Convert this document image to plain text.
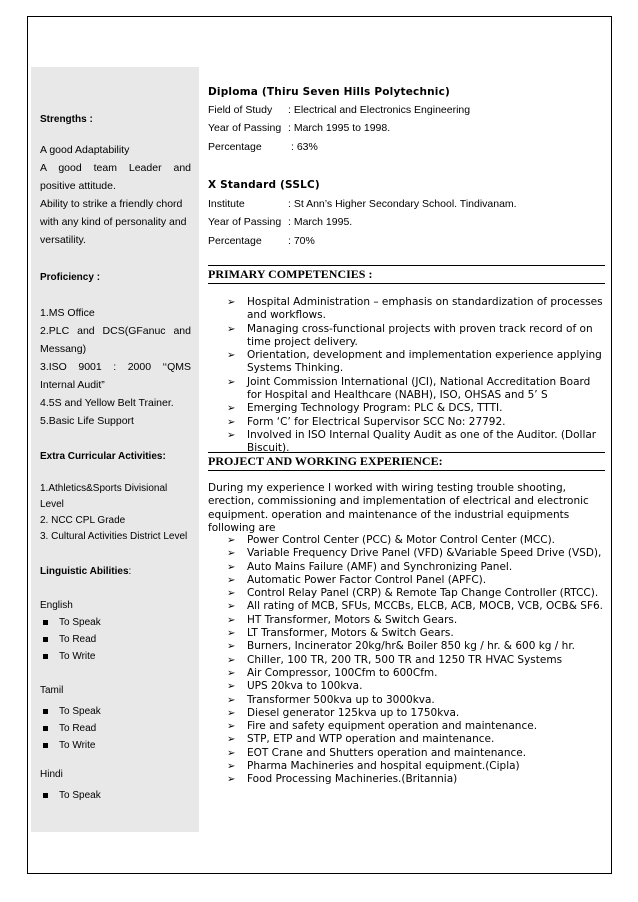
Strengths :
A good Adaptability
A good team Leader and positive attitude.
Ability to strike a friendly chord with any kind of personality and versatility.
Proficiency :
1.MS Office
2.PLC and DCS(GFanuc and Messang)
3.ISO 9001 : 2000 ‘‘QMS Internal Audit”
4.5S and Yellow Belt Trainer.
5.Basic Life Support
Extra Curricular Activities:
1.Athletics&Sports Divisional Level
2. NCC CPL Grade
3. Cultural Activities District Level
Linguistic Abilities:
English
To Speak
To Read
To Write
Tamil
To Speak
To Read
To Write
Hindi
To Speak
Diploma (Thiru Seven Hills Polytechnic)
Field of Study : Electrical and Electronics Engineering
Year of Passing : March 1995 to 1998.
Percentage	: 63%
X Standard (SSLC)
Institute	: St Ann’s Higher Secondary School. Tindivanam.
Year of Passing : March 1995.
Percentage	: 70%
PRIMARY COMPETENCIES :
➢ Hospital Administration – emphasis on standardization of processes and workflows.
➢ Managing cross-functional projects with proven track record of on time project delivery.
➢ Orientation, development and implementation experience applying Systems Thinking.
➢ Joint Commission International (JCI), National Accreditation Board for Hospital and Healthcare (NABH), ISO, OHSAS and 5’ S
➢ Emerging Technology Program: PLC & DCS, TTTI.
➢ Form ‘C’ for Electrical Supervisor SCC No: 27792.
➢ Involved in ISO Internal Quality Audit as one of the Auditor. (Dollar Biscuit).
PROJECT AND WORKING EXPERIENCE:
During my experience I worked with wiring testing trouble shooting, erection, commissioning and implementation of electrical and electronic equipment. operation and maintenance of the industrial equipments following are
➢ Power Control Center (PCC) & Motor Control Center (MCC).
➢ Variable Frequency Drive Panel (VFD) &Variable Speed Drive (VSD),
➢ Auto Mains Failure (AMF) and Synchronizing Panel.
➢ Automatic Power Factor Control Panel (APFC).
➢ Control Relay Panel (CRP) & Remote Tap Change Controller (RTCC).
➢ All rating of MCB, SFUs, MCCBs, ELCB, ACB, MOCB, VCB, OCB& SF6.
➢ HT Transformer, Motors & Switch Gears.
➢ LT Transformer, Motors & Switch Gears.
➢ Burners, Incinerator 20kg/hr& Boiler 850 kg / hr. & 600 kg / hr.
➢ Chiller, 100 TR, 200 TR, 500 TR and 1250 TR HVAC Systems
➢ Air Compressor, 100Cfm to 600Cfm.
➢ UPS 20kva to 100kva.
➢ Transformer 500kva up to 3000kva.
➢ Diesel generator 125kva up to 1750kva.
➢ Fire and safety equipment operation and maintenance.
➢ STP, ETP and WTP operation and maintenance.
➢ EOT Crane and Shutters operation and maintenance.
➢ Pharma Machineries and hospital equipment.(Cipla)
➢ Food Processing Machineries.(Britannia)
